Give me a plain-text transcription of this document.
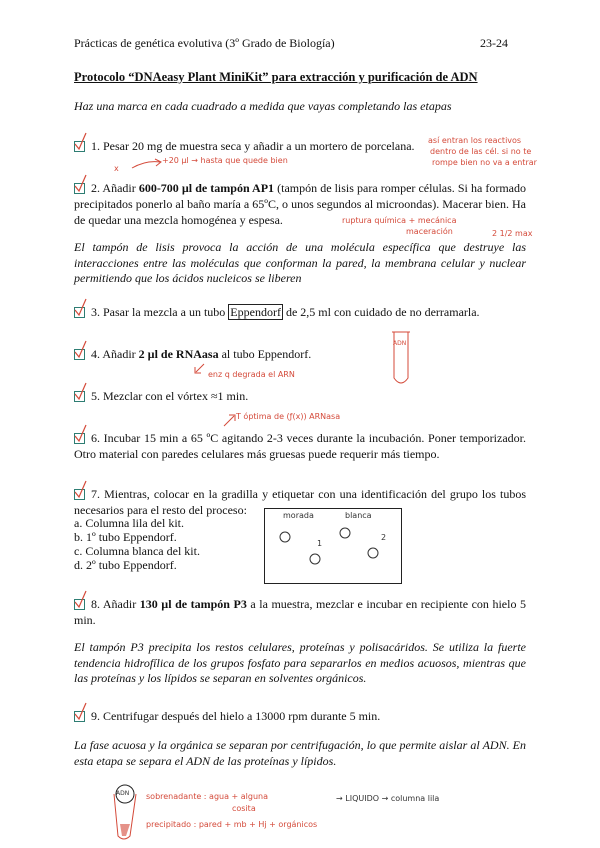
Prácticas de genética evolutiva (3º Grado de Biología)	23-24
Protocolo “DNAeasy Plant MiniKit” para extracción y purificación de ADN
Haz una marca en cada cuadrado a medida que vayas completando las etapas
1. Pesar 20 mg de muestra seca y añadir a un mortero de porcelana.	así entran los reactivos
dentro de las cél. si no te
rompe bien no va a entrar
x
+20 µl → hasta que quede bien
2. Añadir 600-700 µl de tampón AP1 (tampón de lisis para romper células. Si ha formado precipitados ponerlo al baño maría a 65ºC, o unos segundos al microondas). Macerar bien. Ha de quedar una mezcla homogénea y espesa.	ruptura química + mecánica
maceración	2 1/2 max
El tampón de lisis provoca la acción de una molécula específica que destruye las interacciones entre las moléculas que conforman la pared, la membrana celular y nuclear permitiendo que los ácidos nucleicos se liberen
3. Pasar la mezcla a un tubo Eppendorf de 2,5 ml con cuidado de no derramarla.
ADN
4. Añadir 2 µl de RNAasa al tubo Eppendorf.
enz q degrada el ARN
5. Mezclar con el vórtex ≈1 min.
T óptima de (ƒ(x)) ARNasa
6. Incubar 15 min a 65 ºC agitando 2-3 veces durante la incubación. Poner temporizador. Otro material con paredes celulares más gruesas puede requerir más tiempo.
7. Mientras, colocar en la gradilla y etiquetar con una identificación del grupo los tubos necesarios para el resto del proceso:
a. Columna lila del kit.
b. 1º tubo Eppendorf.
c. Columna blanca del kit.
d. 2º tubo Eppendorf.
morada	blanca
1
2
8. Añadir 130 µl de tampón P3 a la muestra, mezclar e incubar en recipiente con hielo 5 min.
El tampón P3 precipita los restos celulares, proteínas y polisacáridos. Se utiliza la fuerte tendencia hidrofílica de los grupos fosfato para separarlos en medios acuosos, mientras que las proteínas y los lípidos se separan en solventes orgánicos.
9. Centrifugar después del hielo a 13000 rpm durante 5 min.
La fase acuosa y la orgánica se separan por centrifugación, lo que permite aislar al ADN. En esta etapa se separa el ADN de las proteínas y lípidos.
ADN sobrenadante : agua + alguna
cosita
→ LIQUIDO → columna lila
precipitado : pared + mb + Hj + orgánicos
